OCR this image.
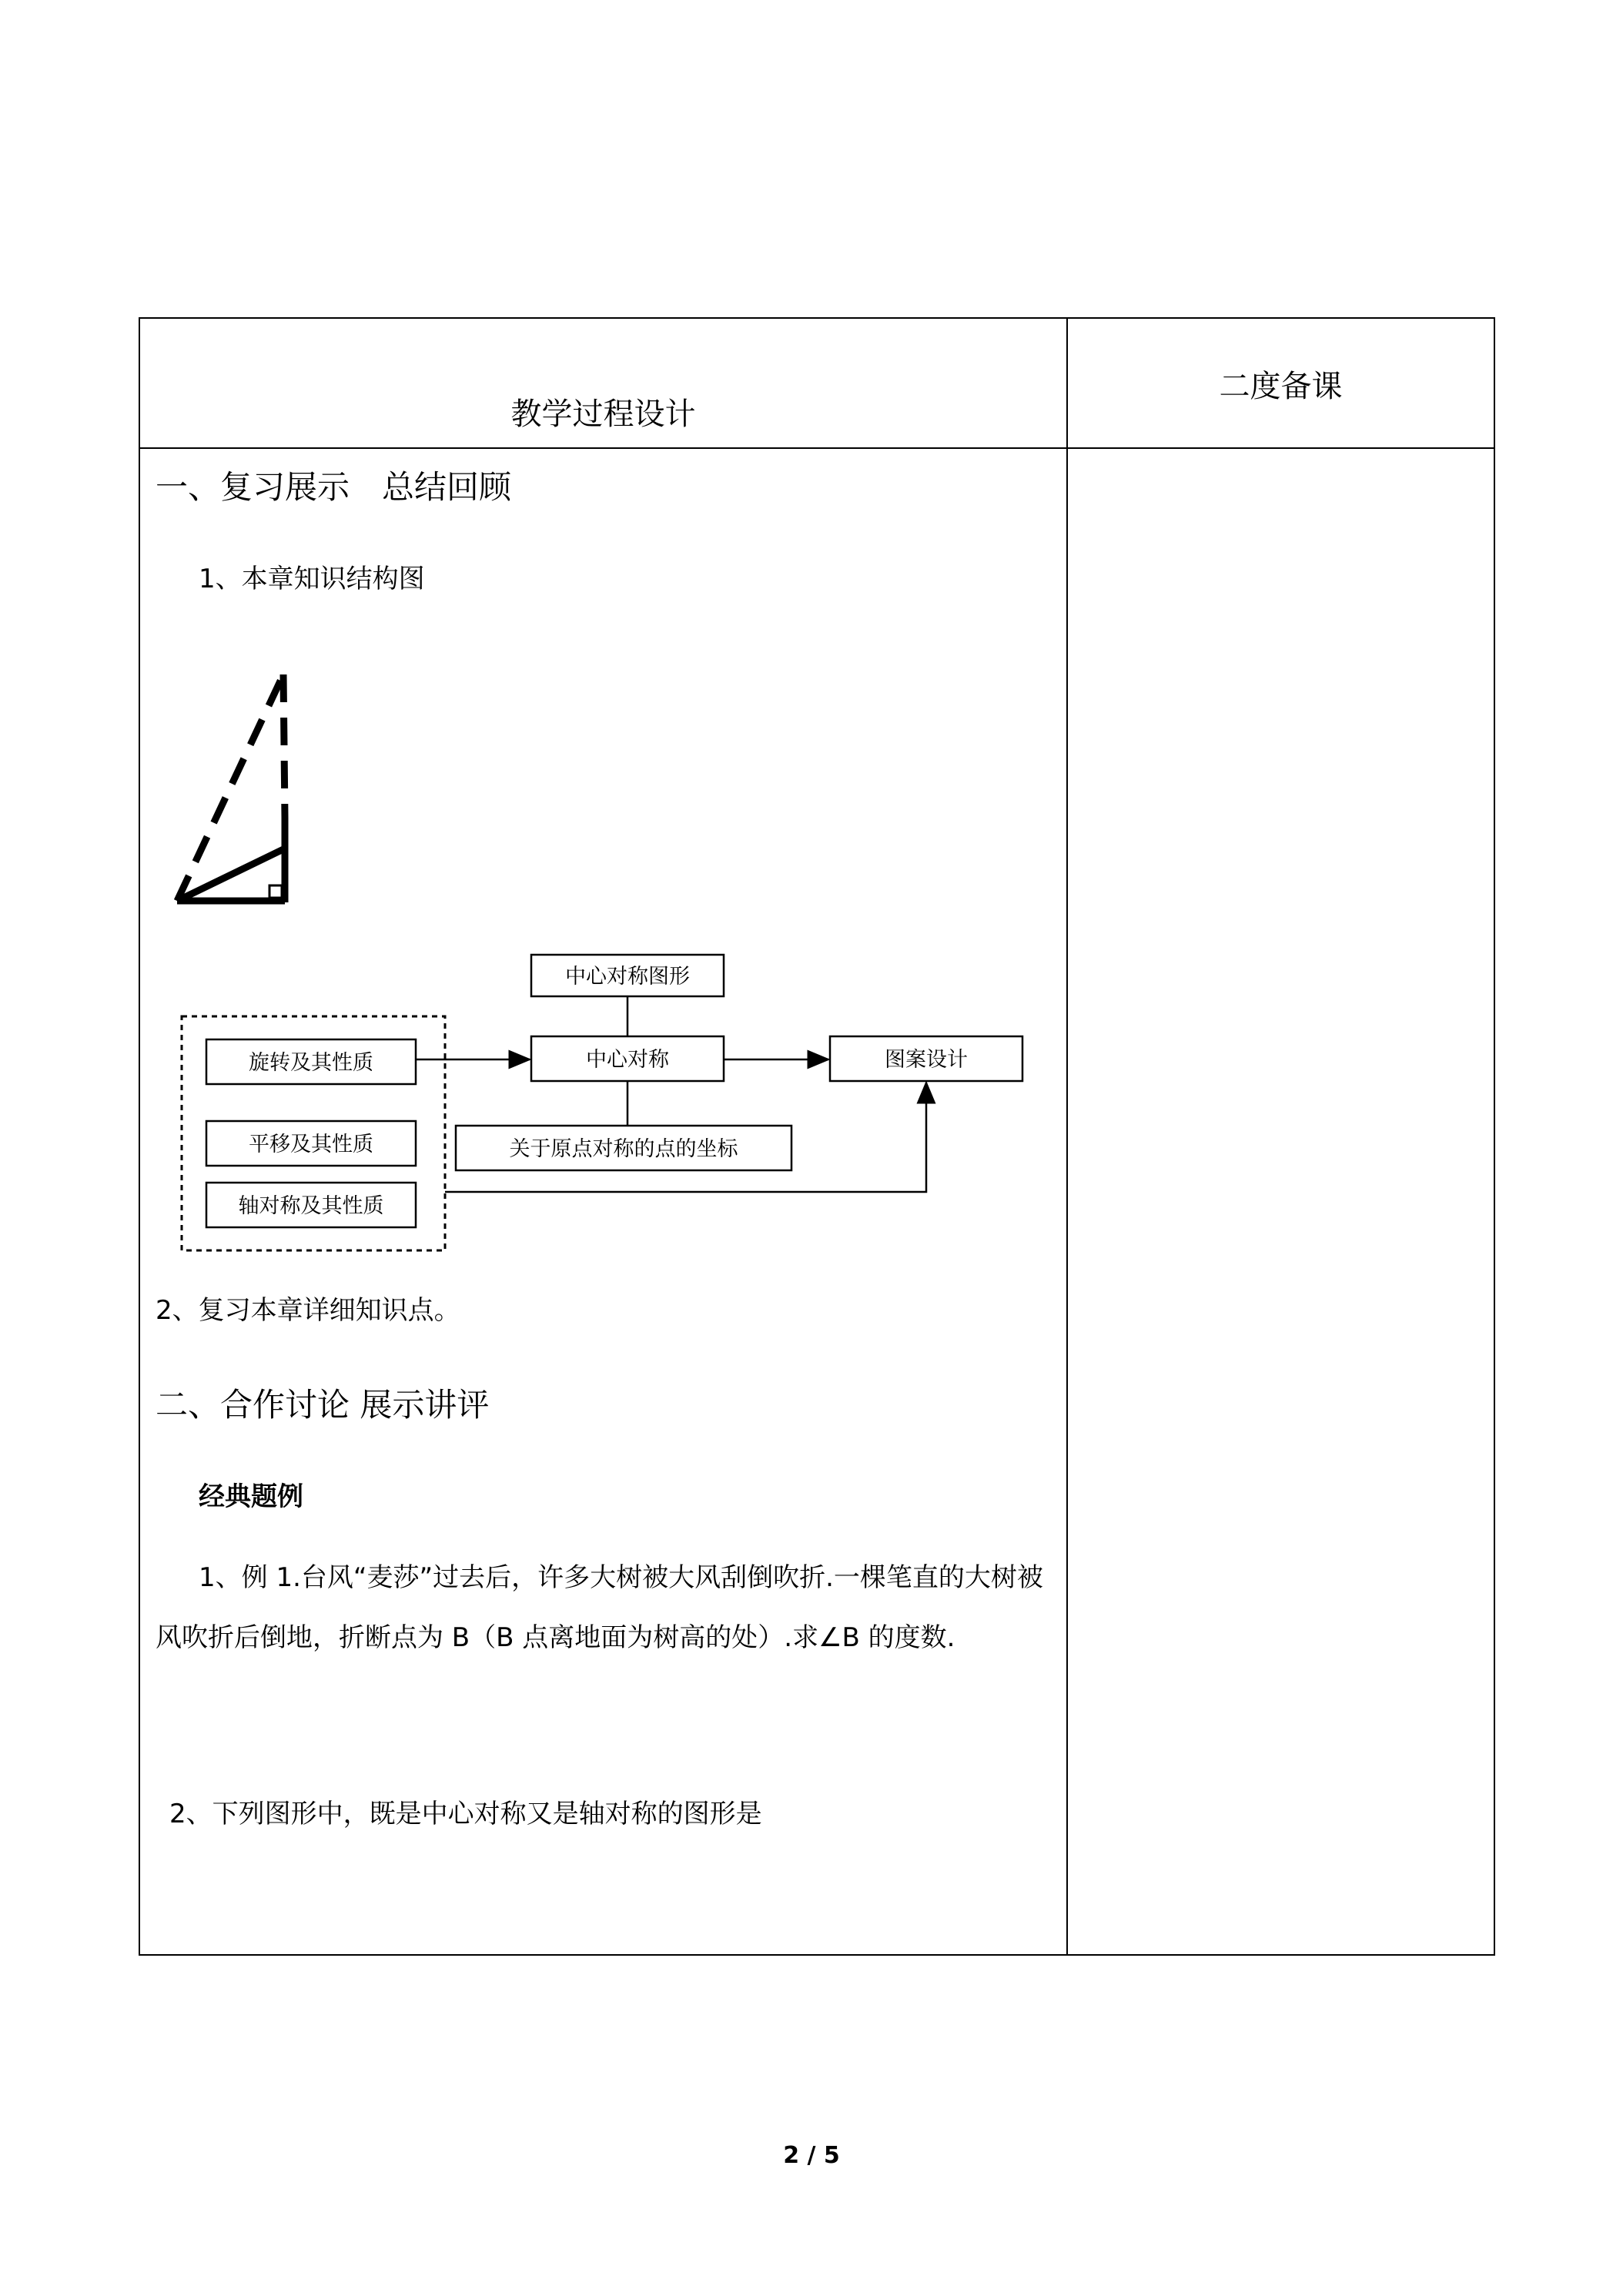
教学过程设计
二度备课
一、复习展示　总结回顾
1、本章知识结构图
中心对称图形
中心对称	图案设计
旋转及其性质
平移及其性质
轴对称及其性质
关于原点对称的点的坐标
2、复习本章详细知识点。
二、合作讨论 展示讲评
经典题例
1、例 1.台风“麦莎”过去后，许多大树被大风刮倒吹折.一棵笔直的大树被风吹折后倒地，折断点为 B（B 点离地面为树高的处）.求∠B 的度数.
2、下列图形中，既是中心对称又是轴对称的图形是
2 / 5
